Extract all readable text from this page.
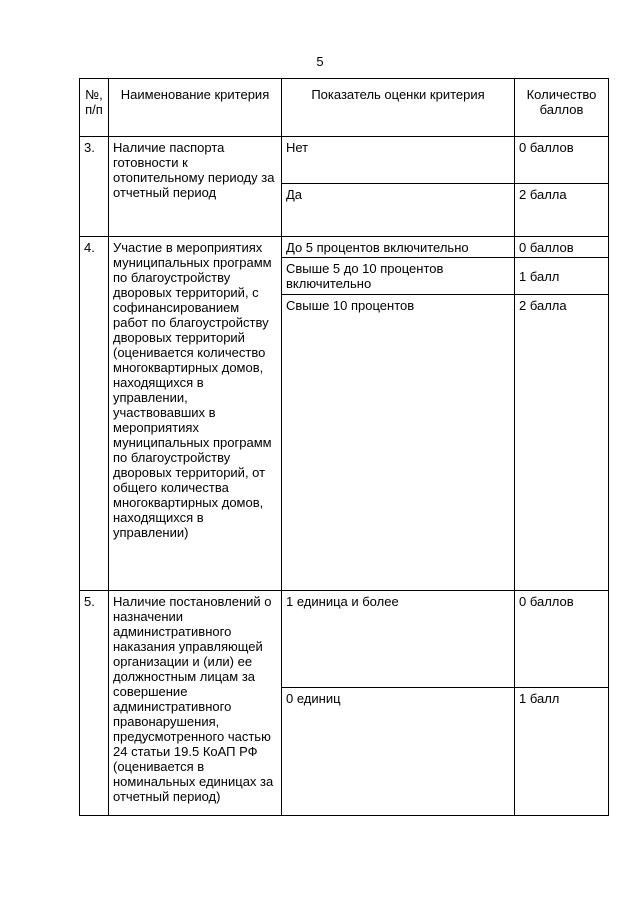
5
№, п/п	Наименование критерия	Показатель оценки критерия	Количество баллов
3.	Наличие паспорта готовности к отопительному периоду за отчетный период	Нет	0 баллов
		Да	2 балла
4.	Участие в мероприятиях муниципальных программ по благоустройству дворовых территорий, с софинансированием работ по благоустройству дворовых территорий (оценивается количество многоквартирных домов, находящихся в управлении, участвовавших в мероприятиях муниципальных программ по благоустройству дворовых территорий, от общего количества многоквартирных домов, находящихся в управлении)	До 5 процентов включительно	0 баллов
		Свыше 5 до 10 процентов включительно	1 балл
		Свыше 10 процентов	2 балла
5.	Наличие постановлений о назначении административного наказания управляющей организации и (или) ее должностным лицам за совершение административного правонарушения, предусмотренного частью 24 статьи 19.5 КоАП РФ (оценивается в номинальных единицах за отчетный период)	1 единица и более	0 баллов
		0 единиц	1 балл
